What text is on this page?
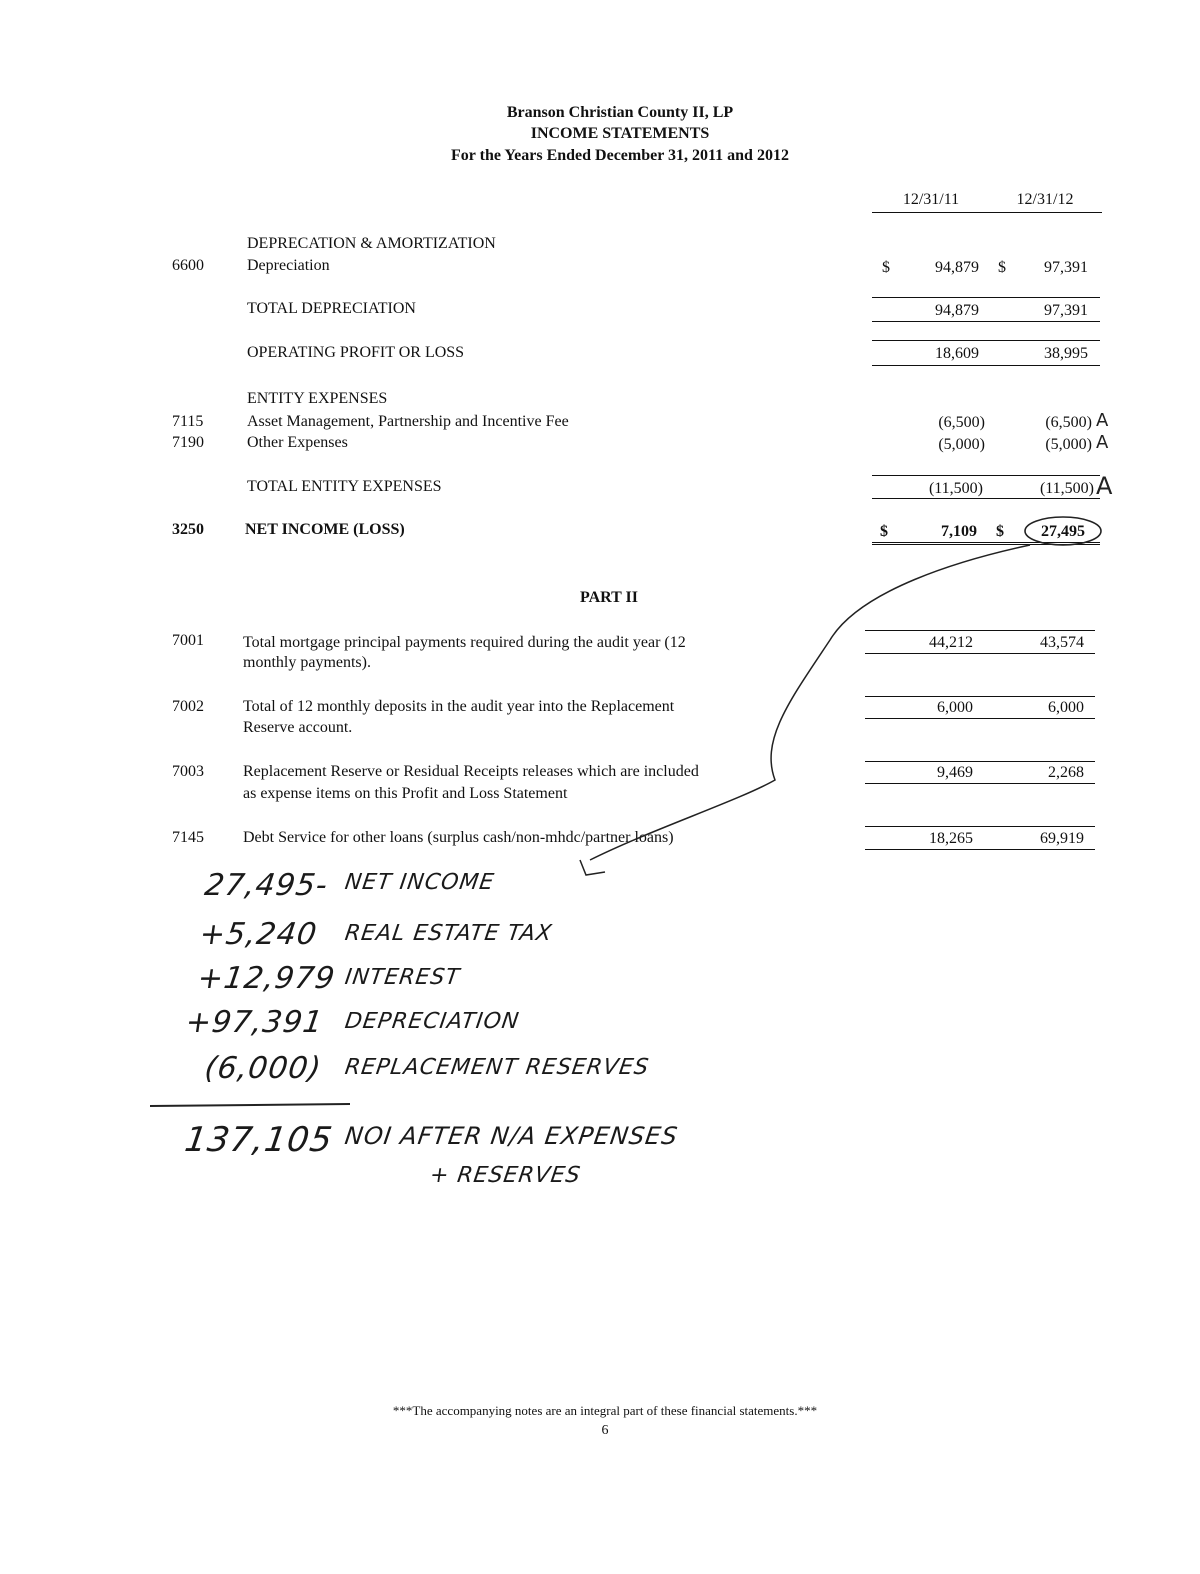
Branson Christian County II, LP
INCOME STATEMENTS
For the Years Ended December 31, 2011 and 2012
12/31/11	12/31/12
DEPRECATION & AMORTIZATION
6600	Depreciation	$	94,879 $	97,391
TOTAL DEPRECIATION	94,879	97,391
OPERATING PROFIT OR LOSS	18,609	38,995
ENTITY EXPENSES
7115	Asset Management, Partnership and Incentive Fee	(6,500)	(6,500) A
7190	Other Expenses	(5,000)	(5,000) A
TOTAL ENTITY EXPENSES	(11,500)	(11,500) A
3250	NET INCOME (LOSS)	$	7,109 $	27,495
PART II
7001 Total mortgage principal payments required during the audit year (12
monthly payments).
44,212	43,574
7002 Total of 12 monthly deposits in the audit year into the Replacement
Reserve account.
6,000	6,000
7003 Replacement Reserve or Residual Receipts releases which are included
as expense items on this Profit and Loss Statement
9,469	2,268
7145 Debt Service for other loans (surplus cash/non-mhdc/partner loans)	18,265	69,919
27,495- NET INCOME
+5,240 REAL ESTATE TAX
+12,979 INTEREST
+97,391 DEPRECIATION
(6,000) REPLACEMENT RESERVES
137,105 NOI AFTER N/A EXPENSES
+ RESERVES
***The accompanying notes are an integral part of these financial statements.***
6
